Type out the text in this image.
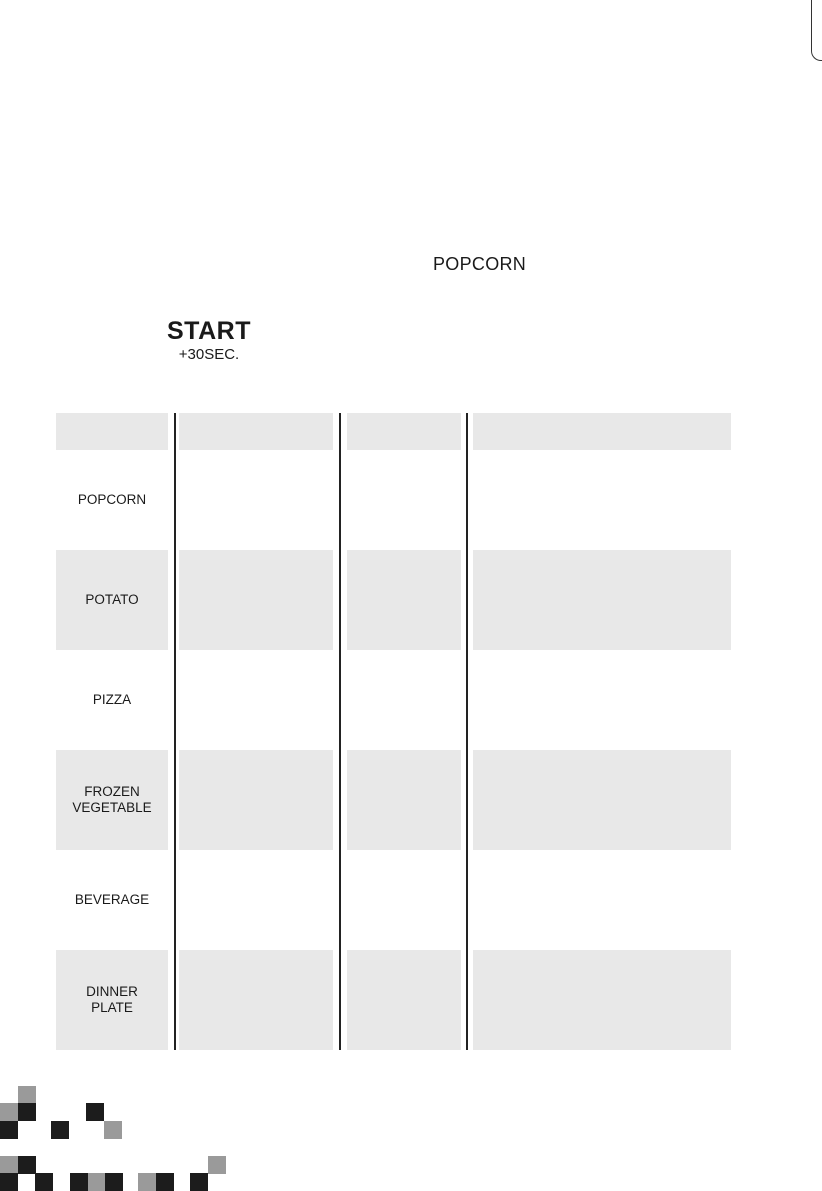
POPCORN
START
+30SEC.
POPCORN
POTATO
PIZZA
FROZEN
VEGETABLE
BEVERAGE
DINNER
PLATE
